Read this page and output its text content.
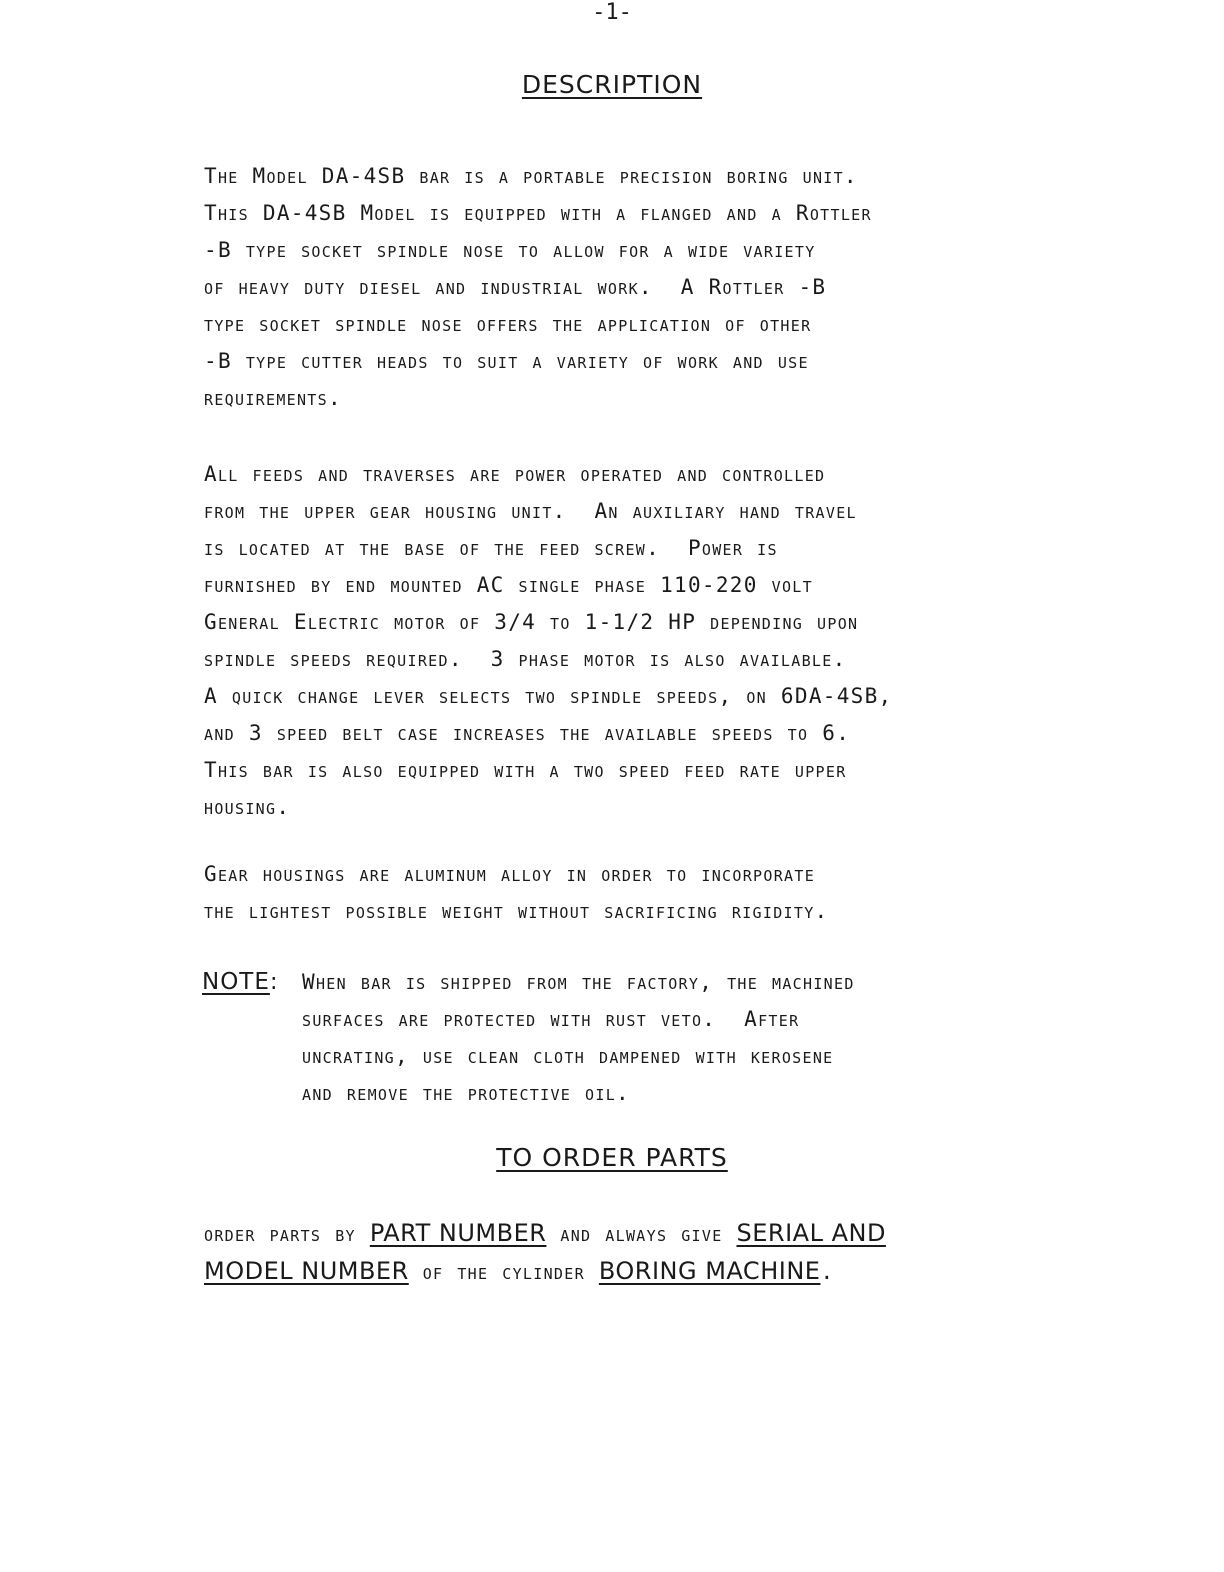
-1-
DESCRIPTION
The Model DA-4SB bar is a portable precision boring unit.
This DA-4SB Model is equipped with a flanged and a Rottler
-B type socket spindle nose to allow for a wide variety
of heavy duty diesel and industrial work.  A Rottler -B
type socket spindle nose offers the application of other
-B type cutter heads to suit a variety of work and use
requirements.
All feeds and traverses are power operated and controlled
from the upper gear housing unit.  An auxiliary hand travel
is located at the base of the feed screw.  Power is
furnished by end mounted AC single phase 110-220 volt
General Electric motor of 3/4 to 1-1/2 HP depending upon
spindle speeds required.  3 phase motor is also available.
A quick change lever selects two spindle speeds, on 6DA-4SB,
and 3 speed belt case increases the available speeds to 6.
This bar is also equipped with a two speed feed rate upper
housing.
Gear housings are aluminum alloy in order to incorporate
the lightest possible weight without sacrificing rigidity.
NOTE: When bar is shipped from the factory, the machined
surfaces are protected with rust veto.  After
uncrating, use clean cloth dampened with kerosene
and remove the protective oil.
TO ORDER PARTS
order parts by PART NUMBER and always give SERIAL AND
MODEL NUMBER of the cylinder BORING MACHINE.
